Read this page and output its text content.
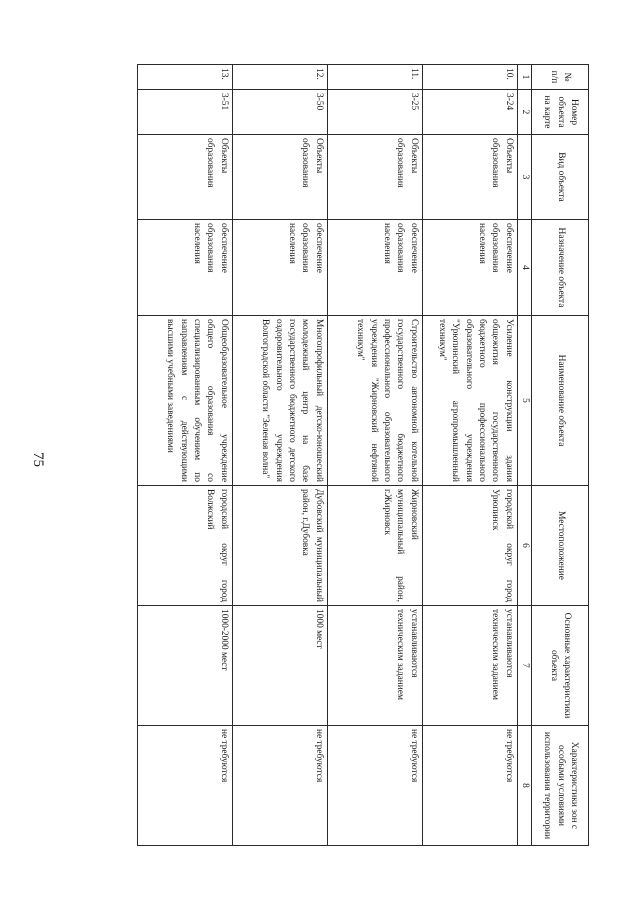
75
№ п/п	Номер объекта на карте	Вид объекта	Назначение объекта	Наименование объекта	Местоположение	Основные характеристики объекта	Характеристики зон с особыми условиями использования территории
1	2	3	4	5	6	7	8
10.	3-24	Объекты образования	обеспечение образования населения	Усиление конструкции здания общежития государственного бюджетного профессионального образовательного учреждения "Урюпинский агропромышленный техникум"	городской округ город Урюпинск	устанавливаются техническим заданием	не требуются
11.	3-25	Объекты образования	обеспечение образования населения	Строительство автономной котельной государственного бюджетного профессионального образовательного учреждения "Жирновский нефтяной техникум"	Жирновский муниципальный район, г.Жирновск	устанавливаются техническим заданием	не требуются
12.	3-50	Объекты образования	обеспечение образования населения	Многопрофильный детско-юношеский молодежный центр на базе государственного бюджетного детского оздоровительного учреждения Волгоградской области "Зеленая волна"	Дубовский муниципальный район, г.Дубовка	1000 мест	не требуются
13.	3-51	Объекты образования	обеспечение образования населения	Общеобразовательное учреждение общего образования со специализированным обучением по направлениям с действующими высшими учебными заведениями	городской округ город Волжский	1000-2000 мест	не требуются
